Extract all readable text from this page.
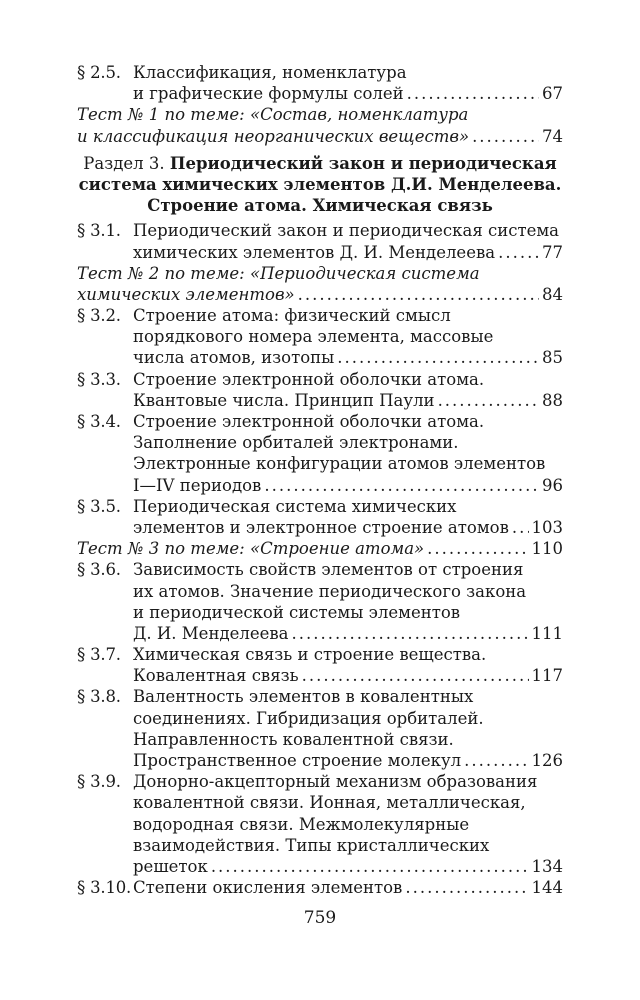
§ 2.5. Классификация, номенклатура
и графические формулы солей .....	67
Тест № 1 по теме: «Состав, номенклатура
и классификация неорганических веществ» .....	74
Раздел 3. Периодический закон и периодическая
система химических элементов Д.И. Менделеева.
Строение атома. Химическая связь
§ 3.1. Периодический закон и периодическая система
химических элементов Д. И. Менделеева .....	77
Тест № 2 по теме: «Периодическая система
химических элементов» .....	84
§ 3.2. Строение атома: физический смысл
порядкового номера элемента, массовые
числа атомов, изотопы .....	85
§ 3.3. Строение электронной оболочки атома.
Квантовые числа. Принцип Паули .....	88
§ 3.4. Строение электронной оболочки атома.
Заполнение орбиталей электронами.
Электронные конфигурации атомов элементов
I—IV периодов .....	96
§ 3.5. Периодическая система химических
элементов и электронное строение атомов ..... 103
Тест № 3 по теме: «Строение атома» .....	110
§ 3.6. Зависимость свойств элементов от строения
их атомов. Значение периодического закона
и периодической системы элементов
Д. И. Менделеева .....	111
§ 3.7. Химическая связь и строение вещества.
Ковалентная связь .....	117
§ 3.8. Валентность элементов в ковалентных
соединениях. Гибридизация орбиталей.
Направленность ковалентной связи.
Пространственное строение молекул .....	126
§ 3.9. Донорно-акцепторный механизм образования
ковалентной связи. Ионная, металлическая,
водородная связи. Межмолекулярные
взаимодействия. Типы кристаллических
решеток .....	134
§ 3.10. Степени окисления элементов .....	144
759
